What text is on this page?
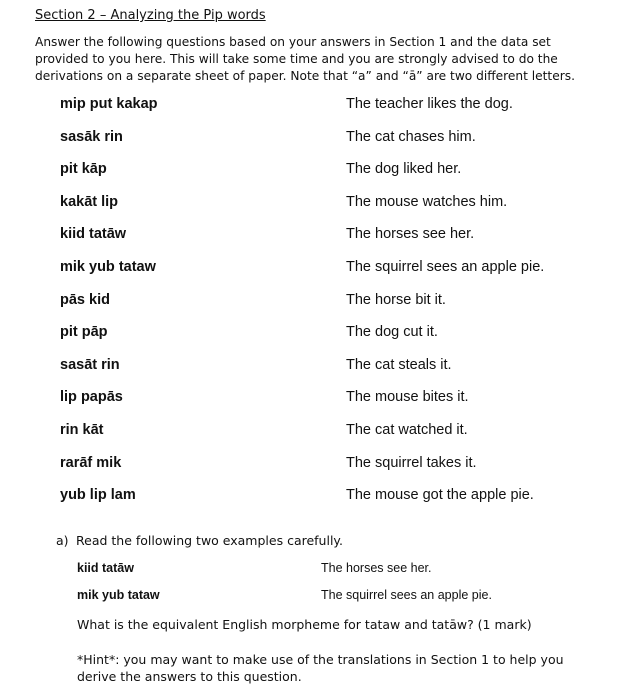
Section 2 – Analyzing the Pip words
Answer the following questions based on your answers in Section 1 and the data set provided to you here. This will take some time and you are strongly advised to do the derivations on a separate sheet of paper. Note that “a” and “ā” are two different letters.
mip put kakap	The teacher likes the dog.
sasāk rin	The cat chases him.
pit kāp	The dog liked her.
kakāt lip	The mouse watches him.
kiid tatāw	The horses see her.
mik yub tataw	The squirrel sees an apple pie.
pās kid	The horse bit it.
pit pāp	The dog cut it.
sasāt rin	The cat steals it.
lip papās	The mouse bites it.
rin kāt	The cat watched it.
rarāf mik	The squirrel takes it.
yub lip lam	The mouse got the apple pie.
a) Read the following two examples carefully.
kiid tatāw	The horses see her.
mik yub tataw	The squirrel sees an apple pie.
What is the equivalent English morpheme for tataw and tatāw? (1 mark)
*Hint*: you may want to make use of the translations in Section 1 to help you derive the answers to this question.
